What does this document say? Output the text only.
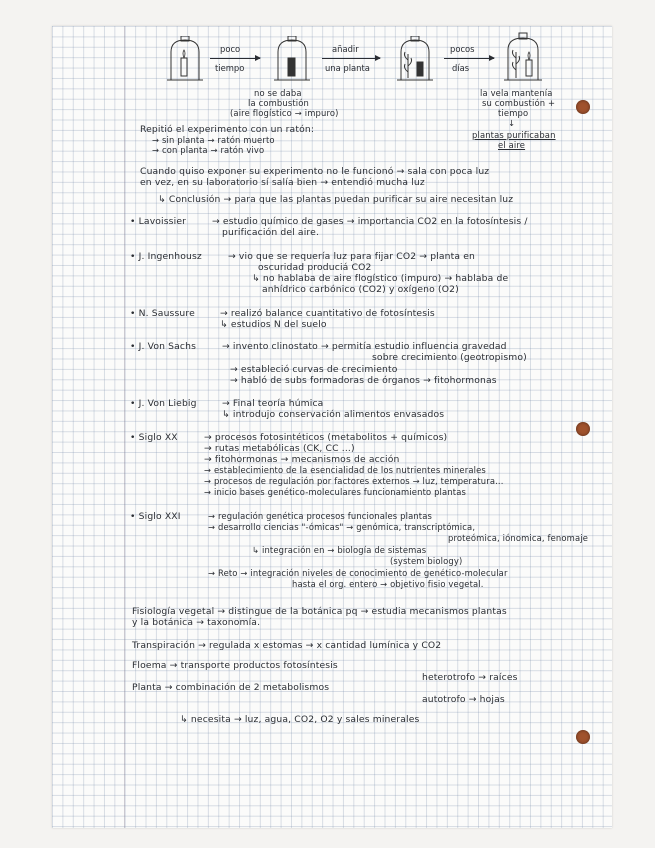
poco
tiempo
añadir
una planta
pocos
días
no se daba
la combustión
(aire flogístico → impuro)
la vela mantenía
su combustión +
tiempo
↓
plantas purificaban
el aire
Repitió el experimento con un ratón:
→ sin planta → ratón muerto
→ con planta → ratón vivo
Cuando quiso exponer su experimento no le funcionó → sala con poca luz
en vez, en su laboratorio sí salía bien → entendió mucha luz
↳ Conclusión → para que las plantas puedan purificar su aire necesitan luz
• Lavoissier	→ estudio químico de gases → importancia CO2 en la fotosíntesis /
purificación del aire.
• J. Ingenhousz	→ vio que se requería luz para fijar CO2 → planta en
oscuridad produciá CO2
↳ no hablaba de aire flogístico (impuro) → hablaba de
anhídrico carbónico (CO2) y oxígeno (O2)
• N. Saussure	→ realizó balance cuantitativo de fotosíntesis
↳ estudios N del suelo
• J. Von Sachs	→ invento clinostato → permitía estudio influencia gravedad
sobre crecimiento (geotropismo)
→ estableció curvas de crecimiento
→ habló de subs formadoras de órganos → fitohormonas
• J. Von Liebig	→ Final teoría húmica
↳ introdujo conservación alimentos envasados
• Siglo XX	→ procesos fotosintéticos (metabolitos + químicos)
→ rutas metabólicas (CK, CC ...)
→ fitohormonas → mecanismos de acción
→ establecimiento de la esencialidad de los nutrientes minerales
→ procesos de regulación por factores externos → luz, temperatura...
→ inicio bases genético-moleculares funcionamiento plantas
• Siglo XXI	→ regulación genética procesos funcionales plantas
→ desarrollo ciencias "-ómicas" → genómica, transcriptómica,
proteómica, iónomica, fenomaje
↳ integración en → biología de sistemas
(system biology)
→ Reto → integración niveles de conocimiento de genético-molecular
hasta el org. entero → objetivo fisio vegetal.
Fisiología vegetal → distingue de la botánica pq → estudia mecanismos plantas
y la botánica → taxonomía.
Transpiración → regulada x estomas → x cantidad lumínica y CO2
Floema → transporte productos fotosíntesis
Planta → combinación de 2 metabolismos
heterotrofo → raíces
autotrofo → hojas
↳ necesita → luz, agua, CO2, O2 y sales minerales
